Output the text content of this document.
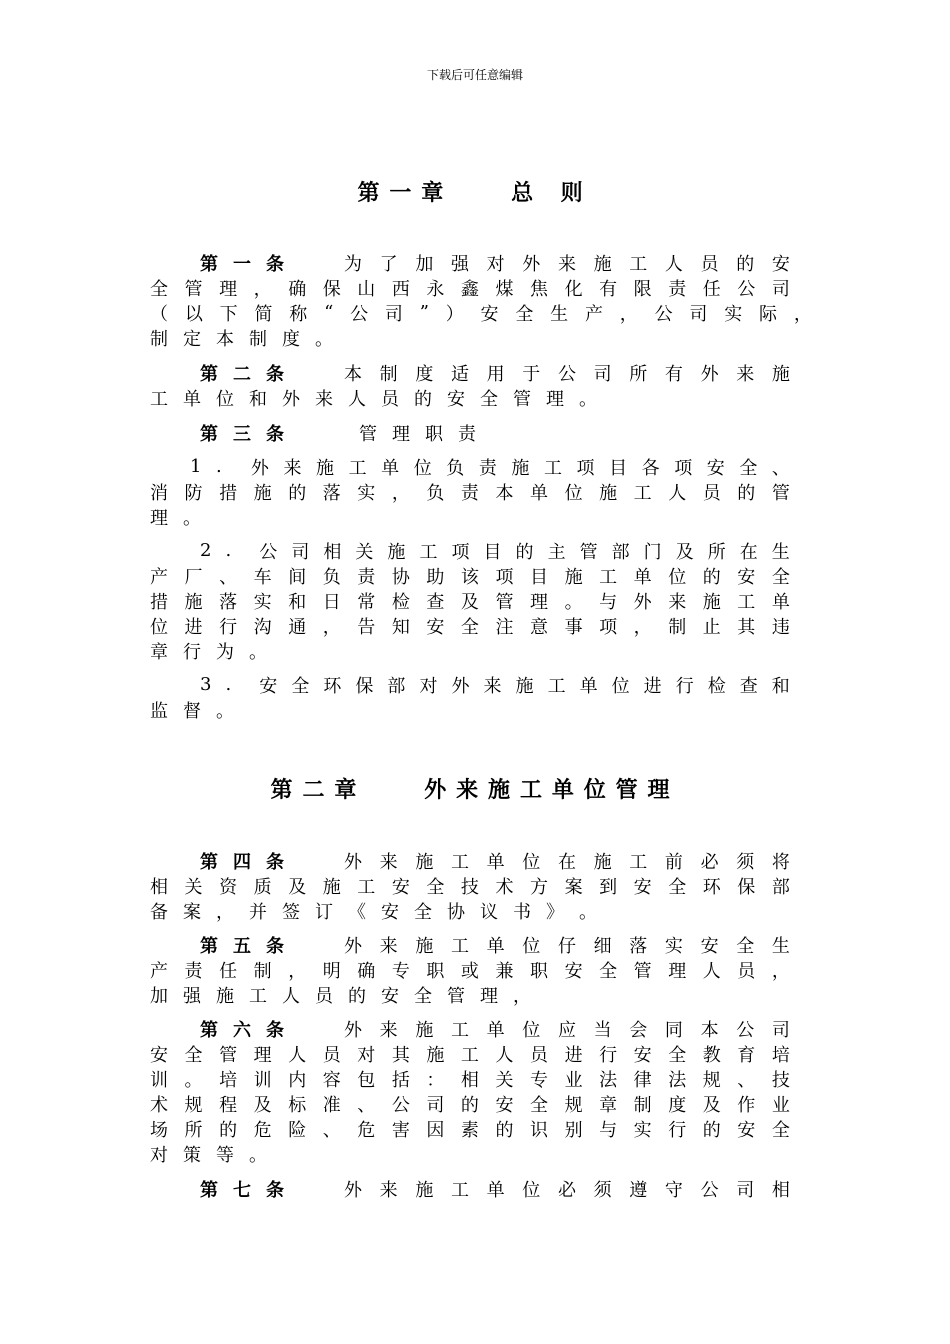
下载后可任意编辑
第一章	总 则
第二章	外来施工单位管理
第 一 条	为 了 加 强 对 外 来 施 工 人 员 的 安
全 管 理 ， 确 保 山 西 永 鑫 煤 焦 化 有 限 责 任 公 司
（ 以 下 简 称 “ 公 司 ” ） 安 全 生 产 ， 公 司 实 际 ，
制 定 本 制 度 。
第 二 条	本 制 度 适 用 于 公 司 所 有 外 来 施
工 单 位 和 外 来 人 员 的 安 全 管 理 。
第 三 条	管 理 职 责
1 . 外 来 施 工 单 位 负 责 施 工 项 目 各 项 安 全 、
消 防 措 施 的 落 实 ， 负 责 本 单 位 施 工 人 员 的 管
理 。
2 . 公 司 相 关 施 工 项 目 的 主 管 部 门 及 所 在 生
产 厂 、 车 间 负 责 协 助 该 项 目 施 工 单 位 的 安 全
措 施 落 实 和 日 常 检 查 及 管 理 。 与 外 来 施 工 单
位 进 行 沟 通 ， 告 知 安 全 注 意 事 项 ， 制 止 其 违
章 行 为 。
3 . 安 全 环 保 部 对 外 来 施 工 单 位 进 行 检 查 和
监 督 。
第 四 条	外 来 施 工 单 位 在 施 工 前 必 须 将
相 关 资 质 及 施 工 安 全 技 术 方 案 到 安 全 环 保 部
备 案 ， 并 签 订 《 安 全 协 议 书 》 。
第 五 条	外 来 施 工 单 位 仔 细 落 实 安 全 生
产 责 任 制 ， 明 确 专 职 或 兼 职 安 全 管 理 人 员 ，
加 强 施 工 人 员 的 安 全 管 理 ，
第 六 条	外 来 施 工 单 位 应 当 会 同 本 公 司
安 全 管 理 人 员 对 其 施 工 人 员 进 行 安 全 教 育 培
训 。 培 训 内 容 包 括 ： 相 关 专 业 法 律 法 规 、 技
术 规 程 及 标 准 、 公 司 的 安 全 规 章 制 度 及 作 业
场 所 的 危 险 、 危 害 因 素 的 识 别 与 实 行 的 安 全
对 策 等 。
第 七 条	外 来 施 工 单 位 必 须 遵 守 公 司 相
